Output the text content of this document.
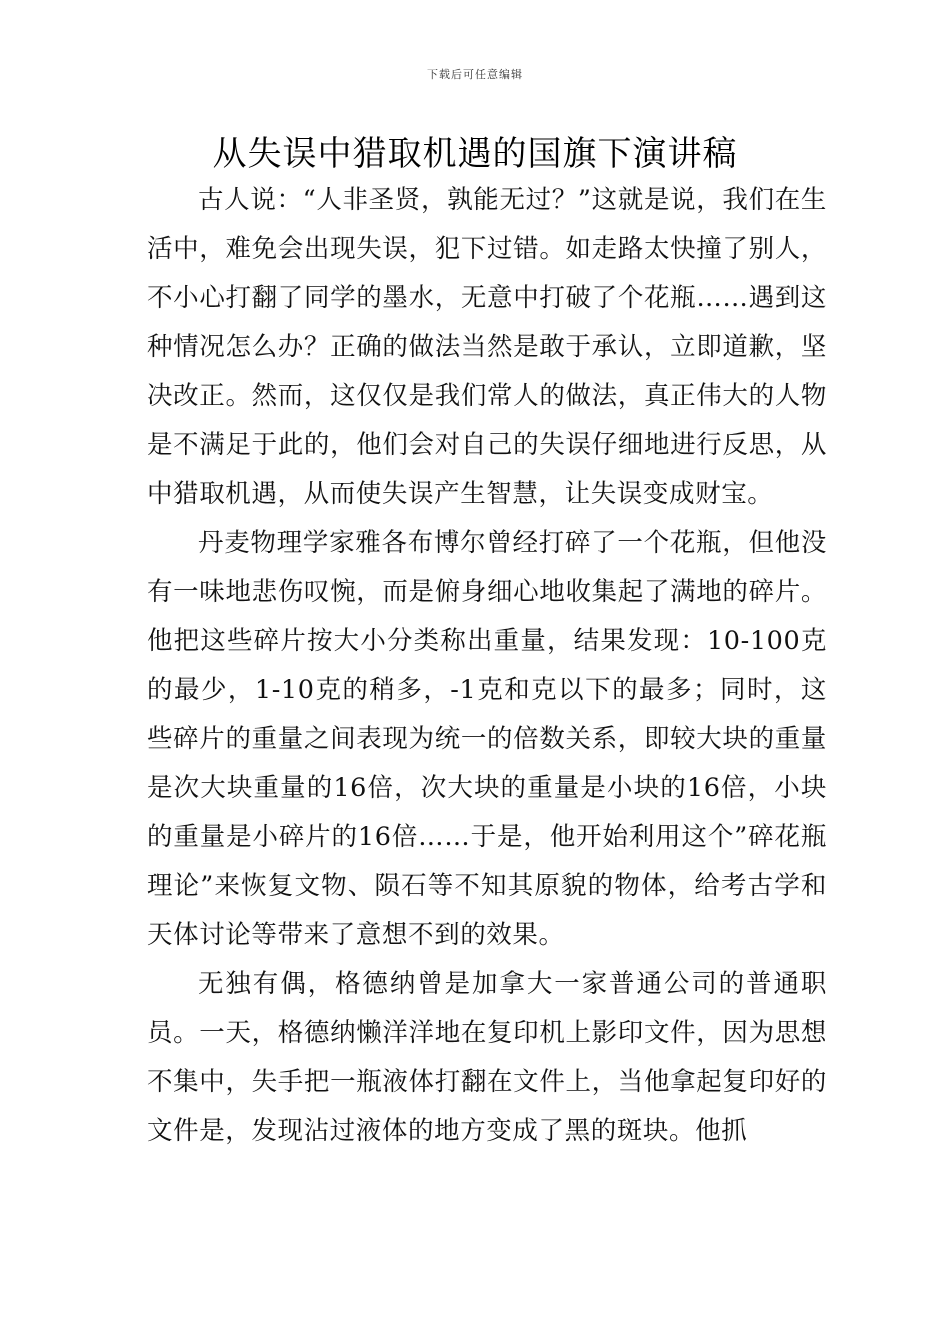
下载后可任意编辑
从失误中猎取机遇的国旗下演讲稿

古人说：“人非圣贤，孰能无过？”这就是说，我们在生活中，难免会出现失误，犯下过错。如走路太快撞了别人，不小心打翻了同学的墨水，无意中打破了个花瓶……遇到这种情况怎么办？正确的做法当然是敢于承认，立即道歉，坚决改正。然而，这仅仅是我们常人的做法，真正伟大的人物是不满足于此的，他们会对自己的失误仔细地进行反思，从中猎取机遇，从而使失误产生智慧，让失误变成财宝。

丹麦物理学家雅各布博尔曾经打碎了一个花瓶，但他没有一味地悲伤叹惋，而是俯身细心地收集起了满地的碎片。他把这些碎片按大小分类称出重量，结果发现：10-100克的最少，1-10克的稍多，-1克和克以下的最多；同时，这些碎片的重量之间表现为统一的倍数关系，即较大块的重量是次大块重量的16倍，次大块的重量是小块的16倍，小块的重量是小碎片的16倍……于是，他开始利用这个”碎花瓶理论”来恢复文物、陨石等不知其原貌的物体，给考古学和天体讨论等带来了意想不到的效果。

无独有偶，格德纳曾是加拿大一家普通公司的普通职员。一天，格德纳懒洋洋地在复印机上影印文件，因为思想不集中，失手把一瓶液体打翻在文件上，当他拿起复印好的文件是，发现沾过液体的地方变成了黑的斑块。他抓
